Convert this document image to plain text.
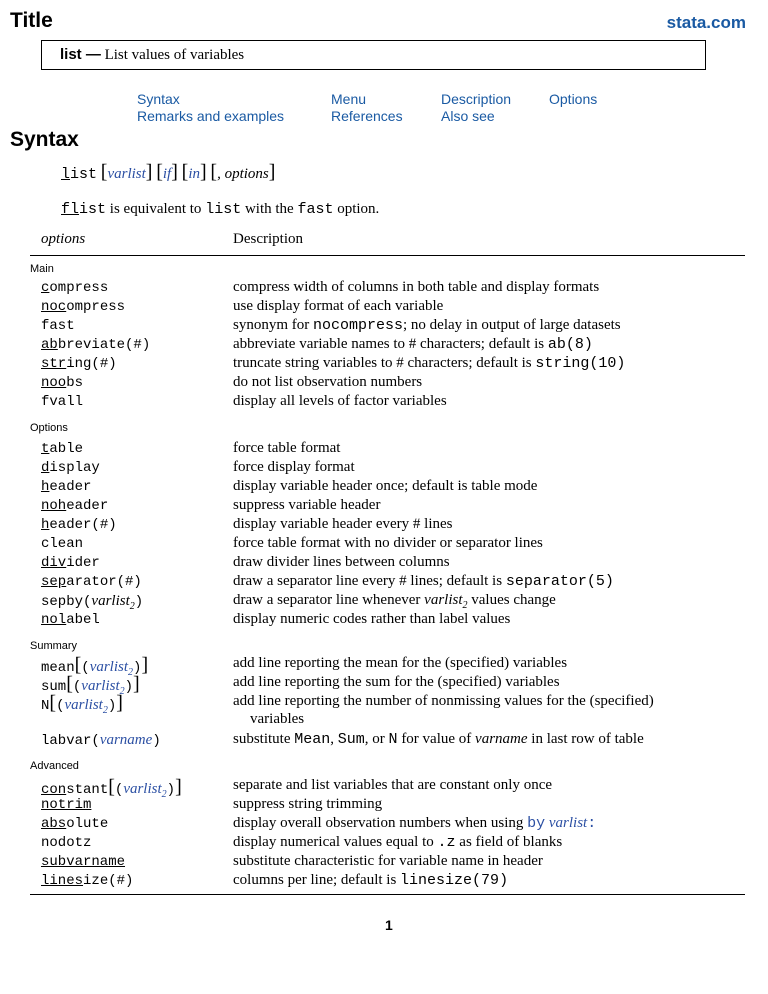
Title	stata.com
list — List values of variables
Syntax	Menu	Description	Options
Remarks and examples	References	Also see
Syntax
list [varlist] [if] [in] [, options]
flist is equivalent to list with the fast option.
options	Description
Main
compress	compress width of columns in both table and display formats
nocompress	use display format of each variable
fast	synonym for nocompress; no delay in output of large datasets
abbreviate(#)	abbreviate variable names to # characters; default is ab(8)
string(#)	truncate string variables to # characters; default is string(10)
noobs	do not list observation numbers
fvall	display all levels of factor variables
Options
table	force table format
display	force display format
header	display variable header once; default is table mode
noheader	suppress variable header
header(#)	display variable header every # lines
clean	force table format with no divider or separator lines
divider	draw divider lines between columns
separator(#)	draw a separator line every # lines; default is separator(5)
sepby(varlist$_2$)	draw a separator line whenever varlist$_2$ values change
nolabel	display numeric codes rather than label values
Summary
mean[(varlist$_2$)]	add line reporting the mean for the (specified) variables
sum[(varlist$_2$)]	add line reporting the sum for the (specified) variables
N[(varlist$_2$)]	add line reporting the number of nonmissing values for the (specified)
variables
labvar(varname)	substitute Mean, Sum, or N for value of varname in last row of table
Advanced
constant[(varlist$_2$)]	separate and list variables that are constant only once
notrim	suppress string trimming
absolute	display overall observation numbers when using by varlist:
nodotz	display numerical values equal to .z as field of blanks
subvarname	substitute characteristic for variable name in header
linesize(#)	columns per line; default is linesize(79)
1
